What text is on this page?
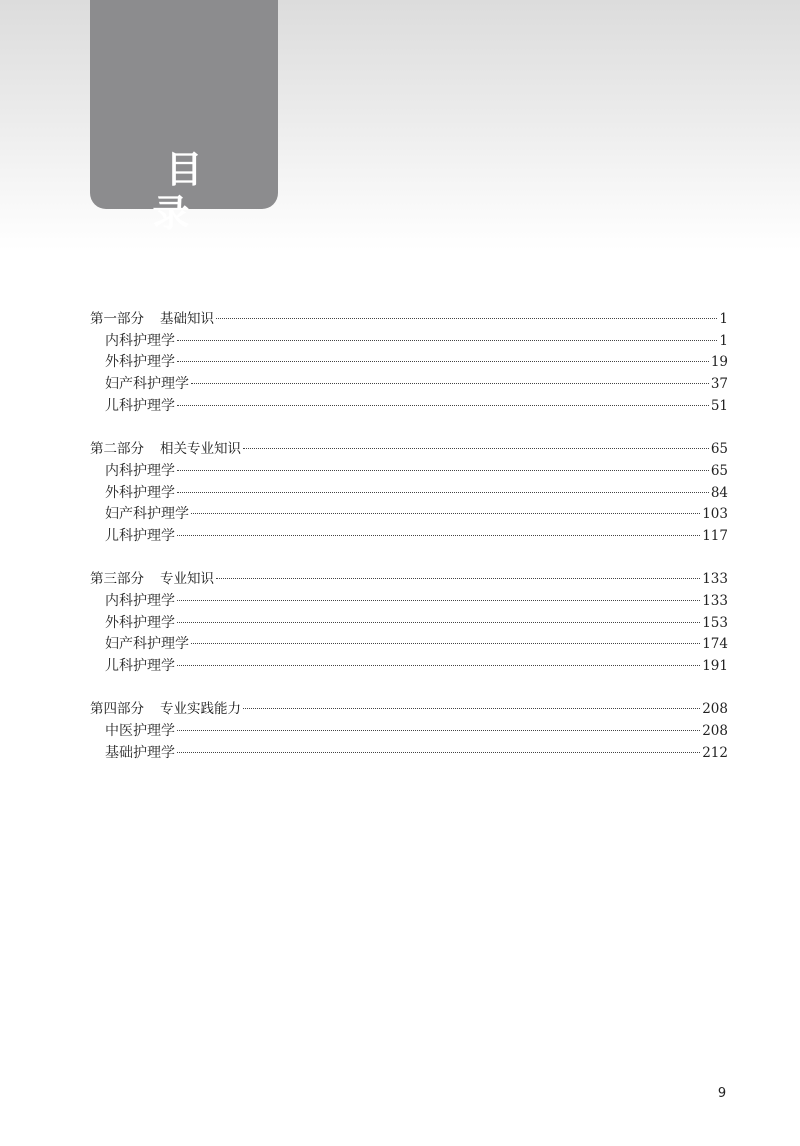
目 录
第一部分 基础知识	1
内科护理学	1
外科护理学	19
妇产科护理学	37
儿科护理学	51
第二部分 相关专业知识	65
内科护理学	65
外科护理学	84
妇产科护理学	103
儿科护理学	117
第三部分 专业知识	133
内科护理学	133
外科护理学	153
妇产科护理学	174
儿科护理学	191
第四部分 专业实践能力	208
中医护理学	208
基础护理学	212
9
